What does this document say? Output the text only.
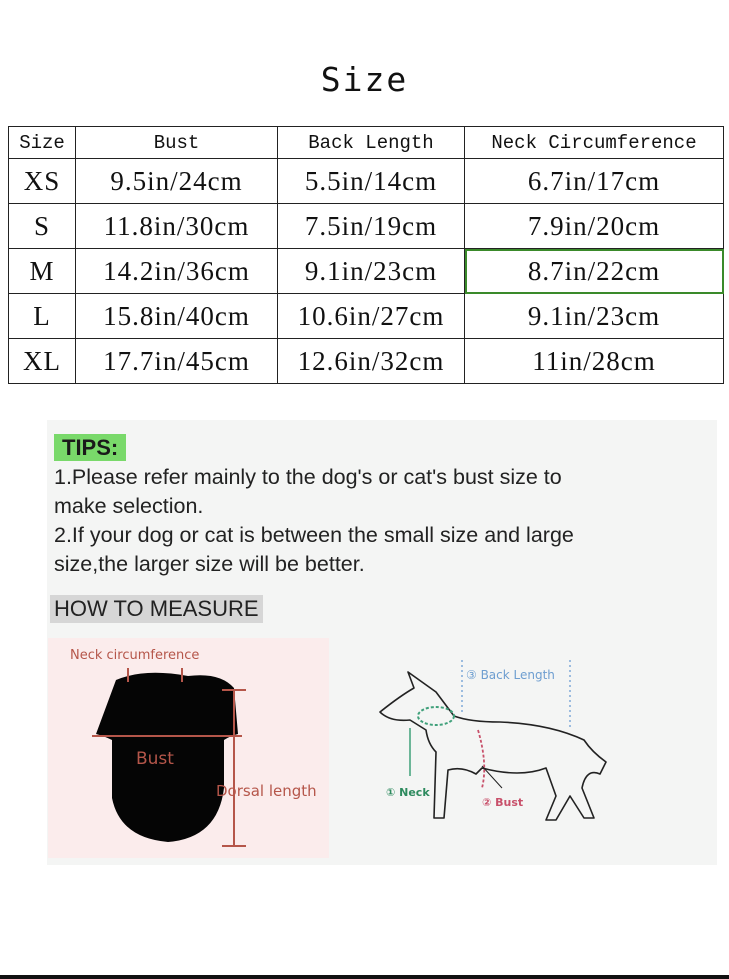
Size
Size	Bust	Back Length	Neck Circumference
XS	9.5in/24cm	5.5in/14cm	6.7in/17cm
S	11.8in/30cm	7.5in/19cm	7.9in/20cm
M	14.2in/36cm	9.1in/23cm	8.7in/22cm
L	15.8in/40cm	10.6in/27cm	9.1in/23cm
XL	17.7in/45cm	12.6in/32cm	11in/28cm
TIPS:
1.Please refer mainly to the dog's or cat's bust size to
make selection.
2.If your dog or cat is between the small size and large
size,the larger size will be better.
HOW TO MEASURE
Neck circumference
Bust
Dorsal length
③ Back Length
① Neck
② Bust
